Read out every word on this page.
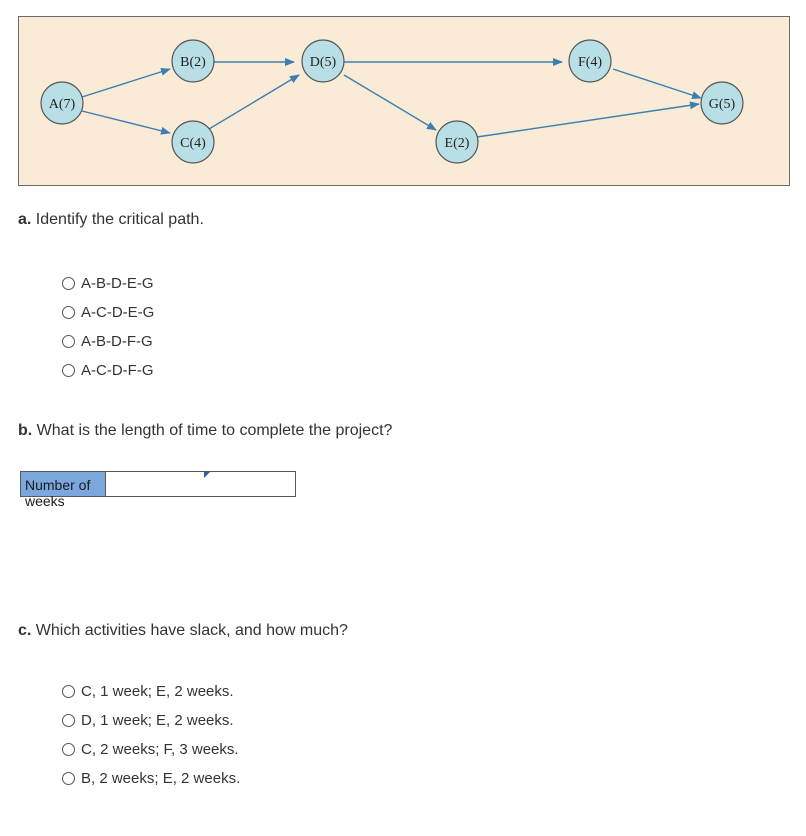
A(7)
B(2)
C(4)
D(5)
E(2)
F(4)
G(5)
a. Identify the critical path.
A-B-D-E-G
A-C-D-E-G
A-B-D-F-G
A-C-D-F-G
b. What is the length of time to complete the project?
Number of weeks
c. Which activities have slack, and how much?
C, 1 week; E, 2 weeks.
D, 1 week; E, 2 weeks.
C, 2 weeks; F, 3 weeks.
B, 2 weeks; E, 2 weeks.
